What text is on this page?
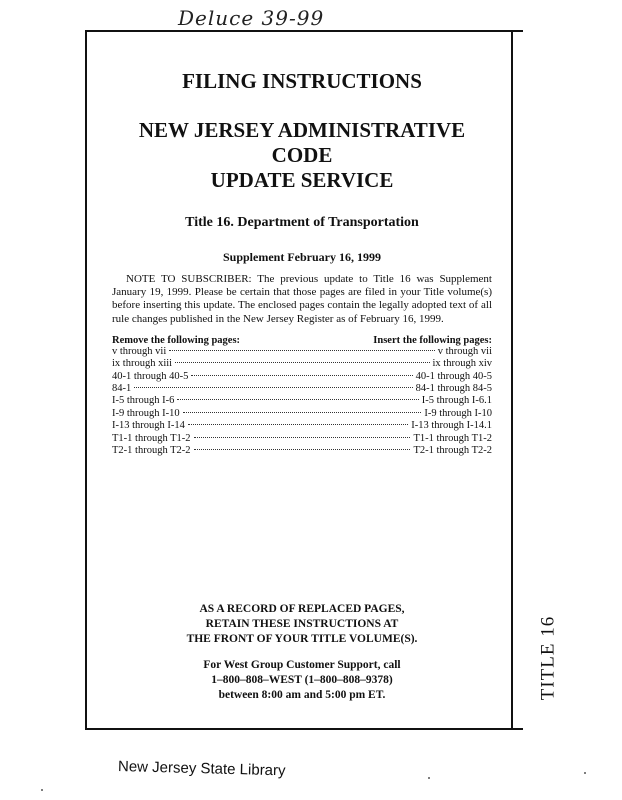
Deluce 39-99
TITLE 16
FILING INSTRUCTIONS
NEW JERSEY ADMINISTRATIVE CODE
UPDATE SERVICE
Title 16. Department of Transportation
Supplement February 16, 1999
NOTE TO SUBSCRIBER: The previous update to Title 16 was Supplement January 19, 1999. Please be certain that those pages are filed in your Title volume(s) before inserting this update. The enclosed pages contain the legally adopted text of all rule changes published in the New Jersey Register as of February 16, 1999.
Remove the following pages:	Insert the following pages:
v through vii	v through vii
ix through xiii	ix through xiv
40-1 through 40-5	40-1 through 40-5
84-1	84-1 through 84-5
I-5 through I-6	I-5 through I-6.1
I-9 through I-10	I-9 through I-10
I-13 through I-14	I-13 through I-14.1
T1-1 through T1-2	T1-1 through T1-2
T2-1 through T2-2	T2-1 through T2-2
AS A RECORD OF REPLACED PAGES,
RETAIN THESE INSTRUCTIONS AT
THE FRONT OF YOUR TITLE VOLUME(S).
For West Group Customer Support, call
1–800–808–WEST (1–800–808–9378)
between 8:00 am and 5:00 pm ET.
New Jersey State Library
